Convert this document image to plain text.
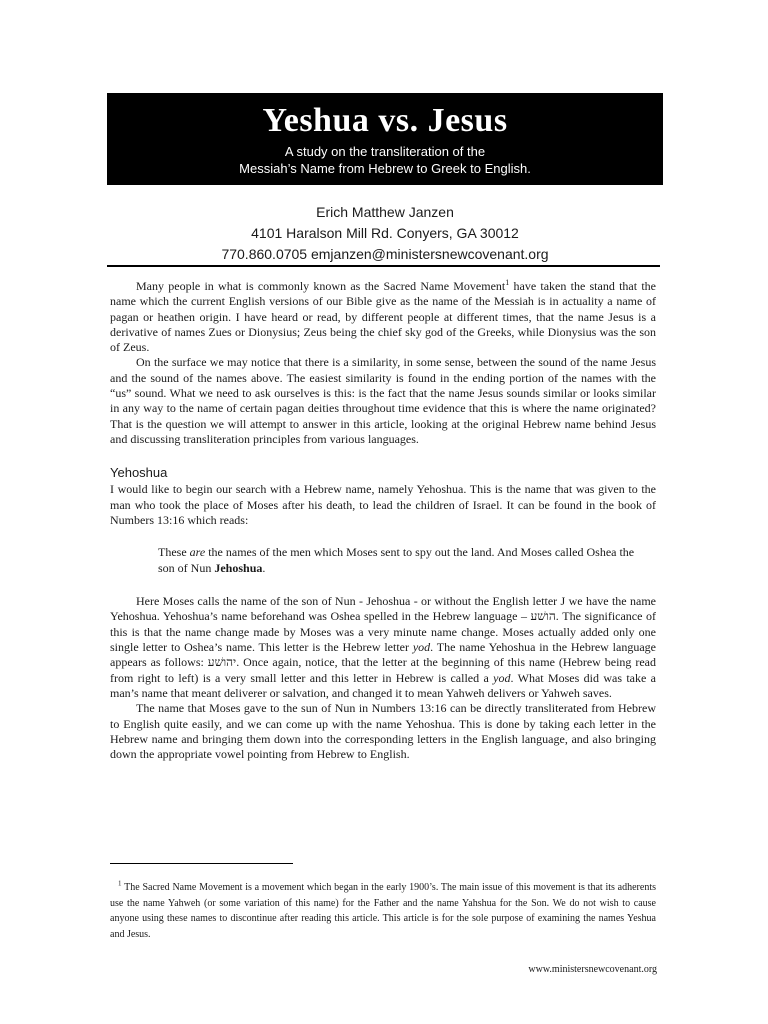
Yeshua vs. Jesus
A study on the transliteration of the
Messiah’s Name from Hebrew to Greek to English.
Erich Matthew Janzen
4101 Haralson Mill Rd. Conyers, GA 30012
770.860.0705 emjanzen@ministersnewcovenant.org

Many people in what is commonly known as the Sacred Name Movement$^1$ have taken the stand that the name which the current English versions of our Bible give as the name of the Messiah is in actuality a name of pagan or heathen origin. I have heard or read, by different people at different times, that the name Jesus is a derivative of names Zues or Dionysius; Zeus being the chief sky god of the Greeks, while Dionysius was the son of Zeus.

On the surface we may notice that there is a similarity, in some sense, between the sound of the name Jesus and the sound of the names above. The easiest similarity is found in the ending portion of the names with the “us” sound. What we need to ask ourselves is this: is the fact that the name Jesus sounds similar or looks similar in any way to the name of certain pagan deities throughout time evidence that this is where the name originated? That is the question we will attempt to answer in this article, looking at the original Hebrew name behind Jesus and discussing transliteration principles from various languages.

Yehoshua

I would like to begin our search with a Hebrew name, namely Yehoshua. This is the name that was given to the man who took the place of Moses after his death, to lead the children of Israel. It can be found in the book of Numbers 13:16 which reads:

These are the names of the men which Moses sent to spy out the land. And Moses called Oshea the son of Nun Jehoshua.

Here Moses calls the name of the son of Nun - Jehoshua - or without the English letter J we have the name Yehoshua. Yehoshua’s name beforehand was Oshea spelled in the Hebrew language – הושׁע. The significance of this is that the name change made by Moses was a very minute name change. Moses actually added only one single letter to Oshea’s name. This letter is the Hebrew letter yod. The name Yehoshua in the Hebrew language appears as follows: יהושׁע. Once again, notice, that the letter at the beginning of this name (Hebrew being read from right to left) is a very small letter and this letter in Hebrew is called a yod. What Moses did was take a man’s name that meant deliverer or salvation, and changed it to mean Yahweh delivers or Yahweh saves.

The name that Moses gave to the sun of Nun in Numbers 13:16 can be directly transliterated from Hebrew to English quite easily, and we can come up with the name Yehoshua. This is done by taking each letter in the Hebrew name and bringing them down into the corresponding letters in the English language, and also bringing down the appropriate vowel pointing from Hebrew to English.

$^1$ The Sacred Name Movement is a movement which began in the early 1900’s. The main issue of this movement is that its adherents use the name Yahweh (or some variation of this name) for the Father and the name Yahshua for the Son. We do not wish to cause anyone using these names to discontinue after reading this article. This article is for the sole purpose of examining the names Yeshua and Jesus.

www.ministersnewcovenant.org
